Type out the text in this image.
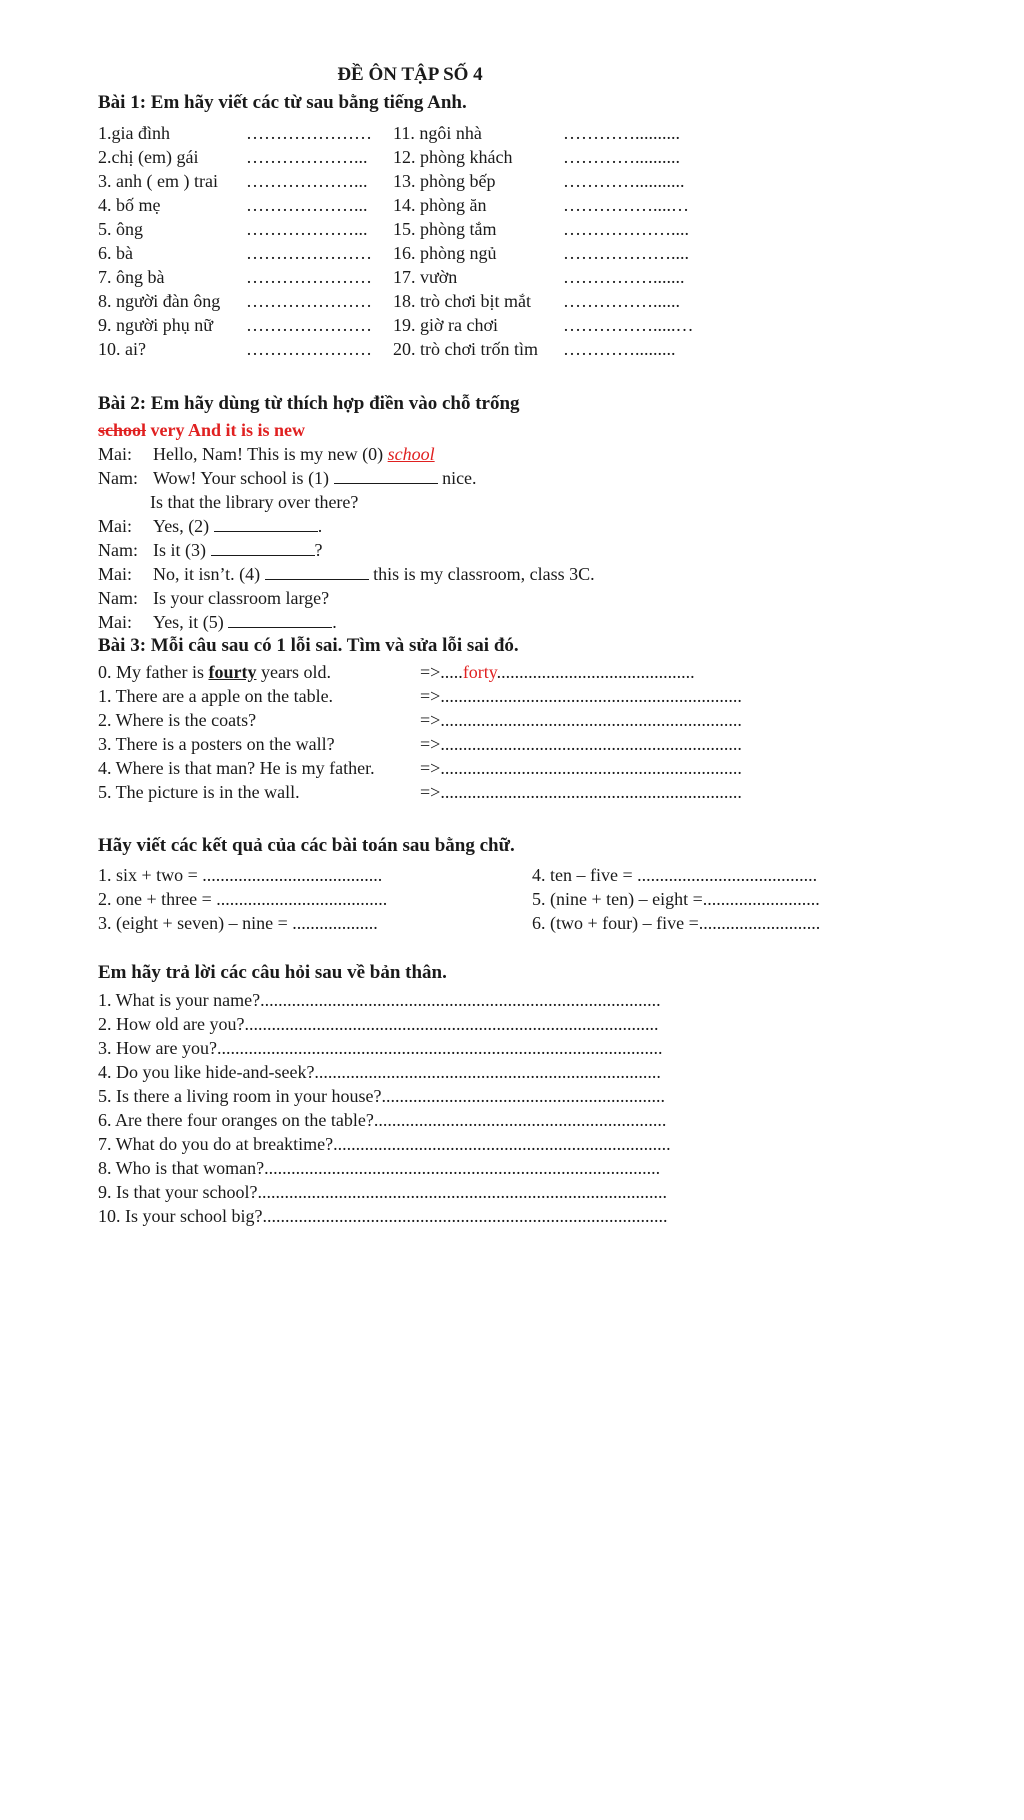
ĐỀ ÔN TẬP SỐ 4
Bài 1: Em hãy viết các từ sau bằng tiếng Anh.
1.gia đình	………………… 11. ngôi nhà	…………..........
2.chị (em) gái	………………... 12. phòng khách	…………..........
3. anh ( em ) trai ………………... 13. phòng bếp	…………...........
4. bố mẹ	………………... 14. phòng ăn	……………....…
5. ông	………………... 15. phòng tắm	………………....
6. bà	………………… 16. phòng ngủ	………………....
7. ông bà	………………… 17. vườn	…………….......
8. người đàn ông ………………… 18. trò chơi bịt mắt ……………......
9. người phụ nữ ………………… 19. giờ ra chơi	…………….....…
10. ai?	………………… 20. trò chơi trốn tìm ………….........
Bài 2: Em hãy dùng từ thích hợp điền vào chỗ trống
school very And it is is new
Mai: Hello, Nam! This is my new (0) school
Nam: Wow! Your school is (1)	nice.
Is that the library over there?
Mai: Yes, (2)	.
Nam: Is it (3)	?
Mai: No, it isn’t. (4)	this is my classroom, class 3C.
Nam: Is your classroom large?
Mai: Yes, it (5)	.
Bài 3: Mỗi câu sau có 1 lỗi sai. Tìm và sửa lỗi sai đó.
0. My father is fourty years old.	=>.....forty............................................
1. There are a apple on the table.	=>...................................................................
2. Where is the coats?	=>...................................................................
3. There is a posters on the wall?	=>...................................................................
4. Where is that man? He is my father.	=>...................................................................
5. The picture is in the wall.	=>...................................................................
Hãy viết các kết quả của các bài toán sau bằng chữ.
1. six + two = ........................................	4. ten – five = ........................................
2. one + three = ......................................	5. (nine + ten) – eight =..........................
3. (eight + seven) – nine = ...................	6. (two + four) – five =...........................
Em hãy trả lời các câu hỏi sau về bản thân.
1. What is your name?.........................................................................................
2. How old are you?............................................................................................
3. How are you?...................................................................................................
4. Do you like hide-and-seek?.............................................................................
5. Is there a living room in your house?...............................................................
6. Are there four oranges on the table?.................................................................
7. What do you do at breaktime?...........................................................................
8. Who is that woman?........................................................................................
9. Is that your school?...........................................................................................
10. Is your school big?..........................................................................................
